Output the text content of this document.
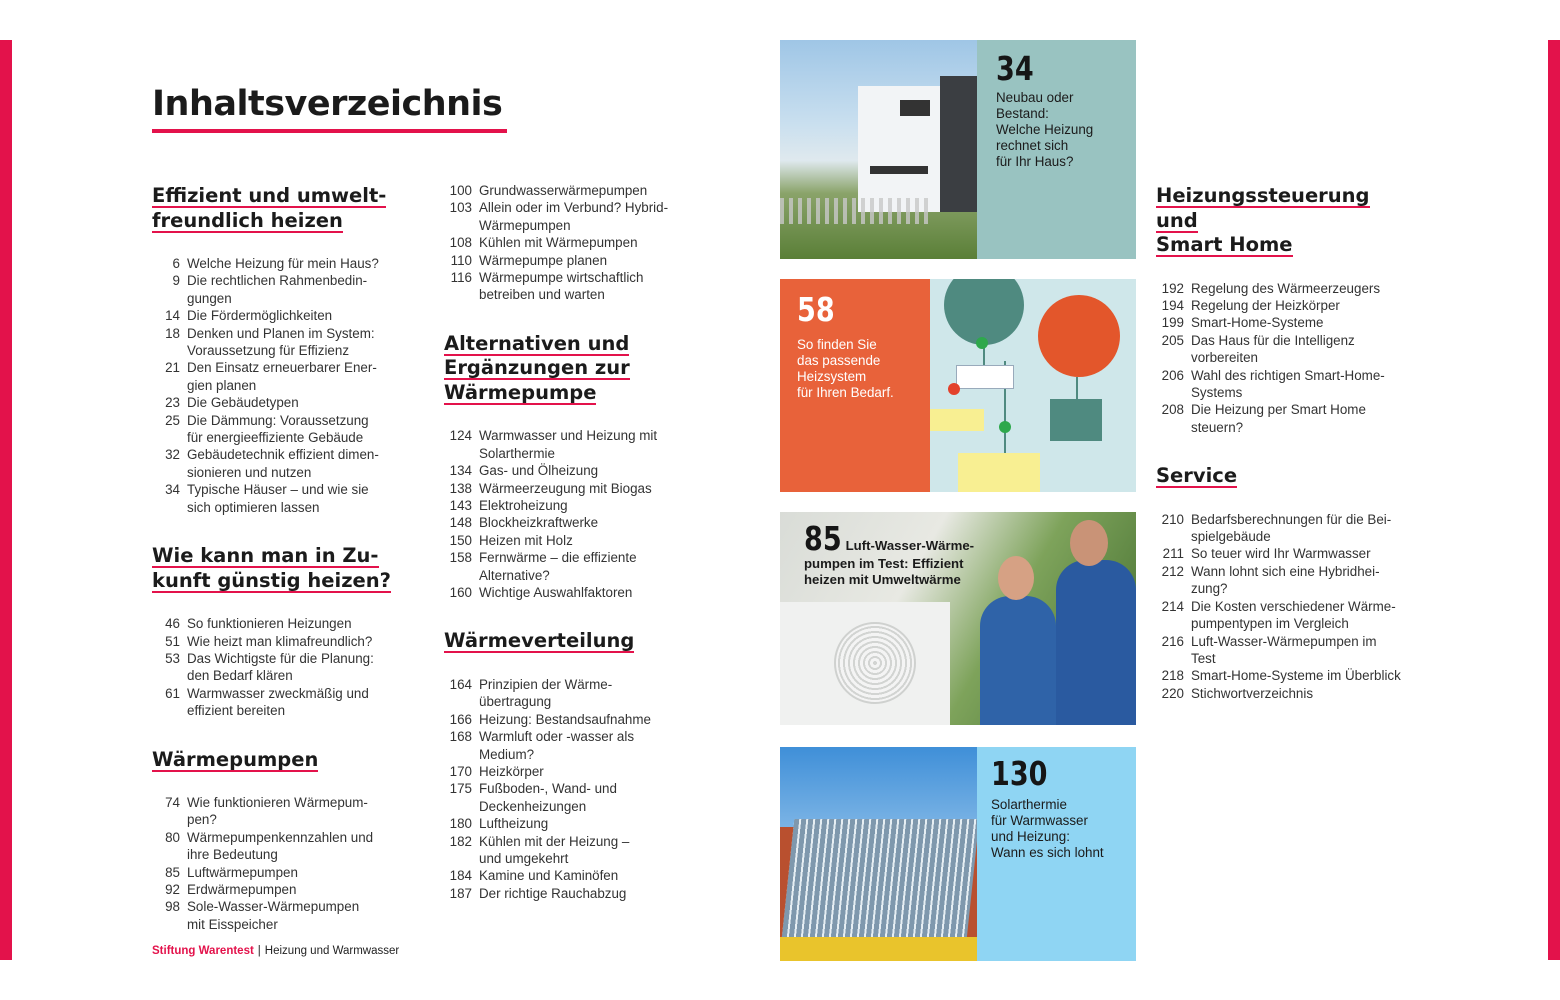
Inhaltsverzeichnis
Effizient und umwelt-
freundlich heizen
6 Welche Heizung für mein Haus?
9 Die rechtlichen Rahmenbedin-
gungen
14 Die Fördermöglichkeiten
18 Denken und Planen im System:
Voraussetzung für Effizienz
21 Den Einsatz erneuerbarer Ener-
gien planen
23 Die Gebäudetypen
25 Die Dämmung: Voraussetzung
für energieeffiziente Gebäude
32 Gebäudetechnik effizient dimen-
sionieren und nutzen
34 Typische Häuser – und wie sie
sich optimieren lassen
Wie kann man in Zu-
kunft günstig heizen?
46 So funktionieren Heizungen
51 Wie heizt man klimafreundlich?
53 Das Wichtigste für die Planung:
den Bedarf klären
61 Warmwasser zweckmäßig und
effizient bereiten
Wärmepumpen
74 Wie funktionieren Wärmepum-
pen?
80 Wärmepumpenkennzahlen und
ihre Bedeutung
85 Luftwärmepumpen
92 Erdwärmepumpen
98 Sole-Wasser-Wärmepumpen
mit Eisspeicher
100 Grundwasserwärmepumpen
103 Allein oder im Verbund? Hybrid-
Wärmepumpen
108 Kühlen mit Wärmepumpen
110 Wärmepumpe planen
116 Wärmepumpe wirtschaftlich
betreiben und warten
Alternativen und
Ergänzungen zur
Wärmepumpe
124 Warmwasser und Heizung mit
Solarthermie
134 Gas- und Ölheizung
138 Wärmeerzeugung mit Biogas
143 Elektroheizung
148 Blockheizkraftwerke
150 Heizen mit Holz
158 Fernwärme – die effiziente
Alternative?
160 Wichtige Auswahlfaktoren
Wärmeverteilung
164 Prinzipien der Wärme-
übertragung
166 Heizung: Bestandsaufnahme
168 Warmluft oder -wasser als
Medium?
170 Heizkörper
175 Fußboden-, Wand- und
Deckenheizungen
180 Luftheizung
182 Kühlen mit der Heizung –
und umgekehrt
184 Kamine und Kaminöfen
187 Der richtige Rauchabzug
Heizungssteuerung und
Smart Home
192 Regelung des Wärmeerzeugers
194 Regelung der Heizkörper
199 Smart-Home-Systeme
205 Das Haus für die Intelligenz
vorbereiten
206 Wahl des richtigen Smart-Home-
Systems
208 Die Heizung per Smart Home
steuern?
Service
210 Bedarfsberechnungen für die Bei-
spielgebäude
211 So teuer wird Ihr Warmwasser
212 Wann lohnt sich eine Hybridhei-
zung?
214 Die Kosten verschiedener Wärme-
pumpentypen im Vergleich
216 Luft-Wasser-Wärmepumpen im
Test
218 Smart-Home-Systeme im Überblick
220 Stichwortverzeichnis
34
Neubau oder
Bestand:
Welche Heizung
rechnet sich
für Ihr Haus?
58
So finden Sie
das passende
Heizsystem
für Ihren Bedarf.
85 Luft-Wasser-Wärme-
pumpen im Test: Effizient
heizen mit Umweltwärme
130
Solarthermie
für Warmwasser
und Heizung:
Wann es sich lohnt
Stiftung Warentest | Heizung und Warmwasser
